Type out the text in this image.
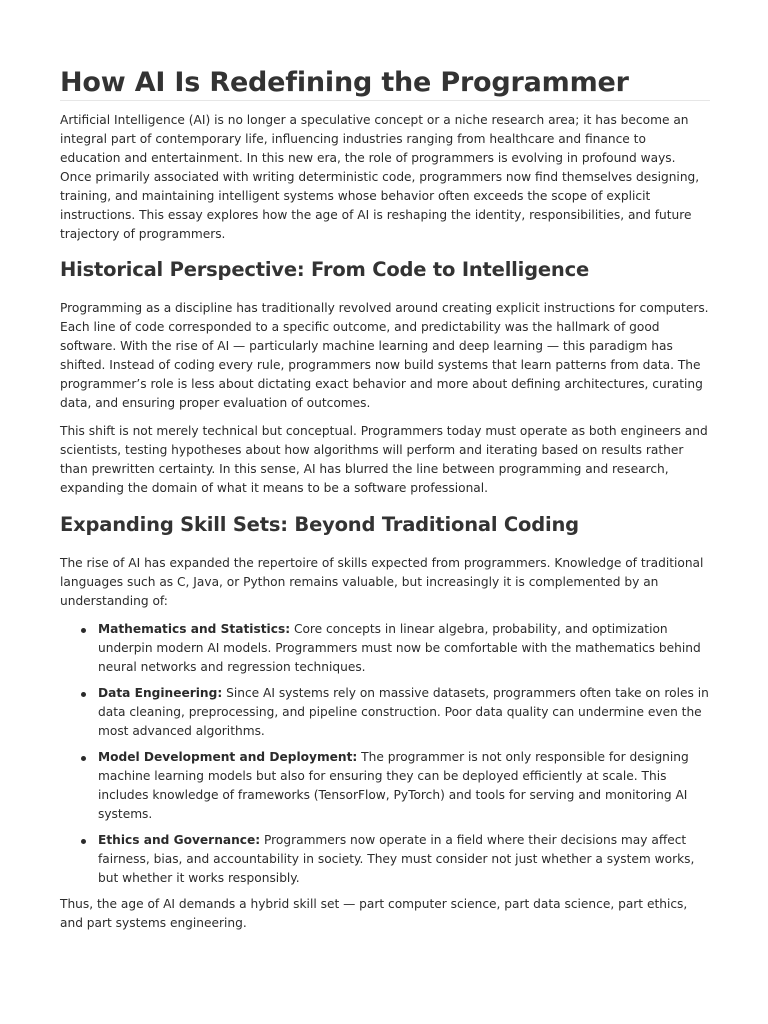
How AI Is Redefining the Programmer

Artificial Intelligence (AI) is no longer a speculative concept or a niche research area; it has become an integral part of contemporary life, influencing industries ranging from healthcare and finance to education and entertainment. In this new era, the role of programmers is evolving in profound ways. Once primarily associated with writing deterministic code, programmers now find themselves designing, training, and maintaining intelligent systems whose behavior often exceeds the scope of explicit instructions. This essay explores how the age of AI is reshaping the identity, responsibilities, and future trajectory of programmers.

Historical Perspective: From Code to Intelligence

Programming as a discipline has traditionally revolved around creating explicit instructions for computers. Each line of code corresponded to a specific outcome, and predictability was the hallmark of good software. With the rise of AI — particularly machine learning and deep learning — this paradigm has shifted. Instead of coding every rule, programmers now build systems that learn patterns from data. The programmer’s role is less about dictating exact behavior and more about defining architectures, curating data, and ensuring proper evaluation of outcomes.

This shift is not merely technical but conceptual. Programmers today must operate as both engineers and scientists, testing hypotheses about how algorithms will perform and iterating based on results rather than prewritten certainty. In this sense, AI has blurred the line between programming and research, expanding the domain of what it means to be a software professional.

Expanding Skill Sets: Beyond Traditional Coding

The rise of AI has expanded the repertoire of skills expected from programmers. Knowledge of traditional languages such as C, Java, or Python remains valuable, but increasingly it is complemented by an understanding of:

Mathematics and Statistics: Core concepts in linear algebra, probability, and optimization underpin modern AI models. Programmers must now be comfortable with the mathematics behind neural networks and regression techniques.
Data Engineering: Since AI systems rely on massive datasets, programmers often take on roles in data cleaning, preprocessing, and pipeline construction. Poor data quality can undermine even the most advanced algorithms.
Model Development and Deployment: The programmer is not only responsible for designing machine learning models but also for ensuring they can be deployed efficiently at scale. This includes knowledge of frameworks (TensorFlow, PyTorch) and tools for serving and monitoring AI systems.
Ethics and Governance: Programmers now operate in a field where their decisions may affect fairness, bias, and accountability in society. They must consider not just whether a system works, but whether it works responsibly.

Thus, the age of AI demands a hybrid skill set — part computer science, part data science, part ethics, and part systems engineering.
